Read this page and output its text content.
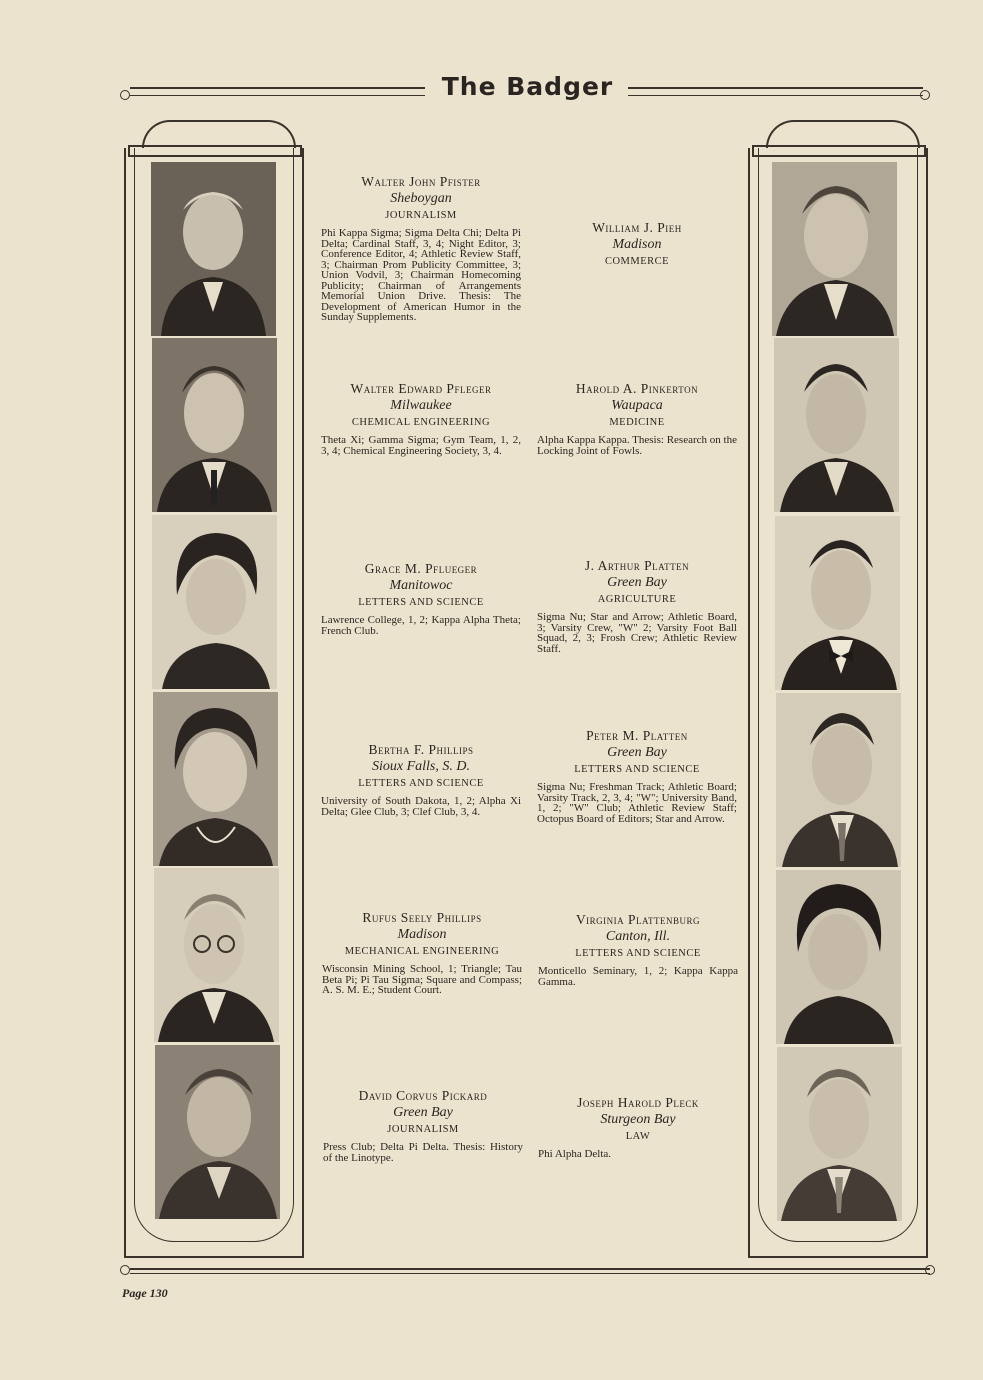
The Badger
Walter John Pfister
Sheboygan
JOURNALISM
Phi Kappa Sigma; Sigma Delta Chi; Delta Pi Delta; Cardinal Staff, 3, 4; Night Editor, 3; Conference Editor, 4; Athletic Review Staff, 3; Chairman Prom Publicity Committee, 3; Union Vodvil, 3; Chairman Homecoming Publicity; Chairman of Arrangements Memorial Union Drive. Thesis: The Development of American Humor in the Sunday Supplements.
Walter Edward Pfleger
Milwaukee
CHEMICAL ENGINEERING
Theta Xi; Gamma Sigma; Gym Team, 1, 2, 3, 4; Chemical Engineering Society, 3, 4.
Grace M. Pflueger
Manitowoc
LETTERS AND SCIENCE
Lawrence College, 1, 2; Kappa Alpha Theta; French Club.
Bertha F. Phillips
Sioux Falls, S. D.
LETTERS AND SCIENCE
University of South Dakota, 1, 2; Alpha Xi Delta; Glee Club, 3; Clef Club, 3, 4.
Rufus Seely Phillips
Madison
MECHANICAL ENGINEERING
Wisconsin Mining School, 1; Triangle; Tau Beta Pi; Pi Tau Sigma; Square and Compass; A. S. M. E.; Student Court.
David Corvus Pickard
Green Bay
JOURNALISM
Press Club; Delta Pi Delta. Thesis: History of the Linotype.
William J. Pieh
Madison
COMMERCE
Harold A. Pinkerton
Waupaca
MEDICINE
Alpha Kappa Kappa. Thesis: Research on the Locking Joint of Fowls.
J. Arthur Platten
Green Bay
AGRICULTURE
Sigma Nu; Star and Arrow; Athletic Board, 3; Varsity Crew, "W" 2; Varsity Foot Ball Squad, 2, 3; Frosh Crew; Athletic Review Staff.
Peter M. Platten
Green Bay
LETTERS AND SCIENCE
Sigma Nu; Freshman Track; Athletic Board; Varsity Track, 2, 3, 4; "W"; University Band, 1, 2; "W" Club; Athletic Review Staff; Octopus Board of Editors; Star and Arrow.
Virginia Plattenburg
Canton, Ill.
LETTERS AND SCIENCE
Monticello Seminary, 1, 2; Kappa Kappa Gamma.
Joseph Harold Pleck
Sturgeon Bay
LAW
Phi Alpha Delta.
Page 130
